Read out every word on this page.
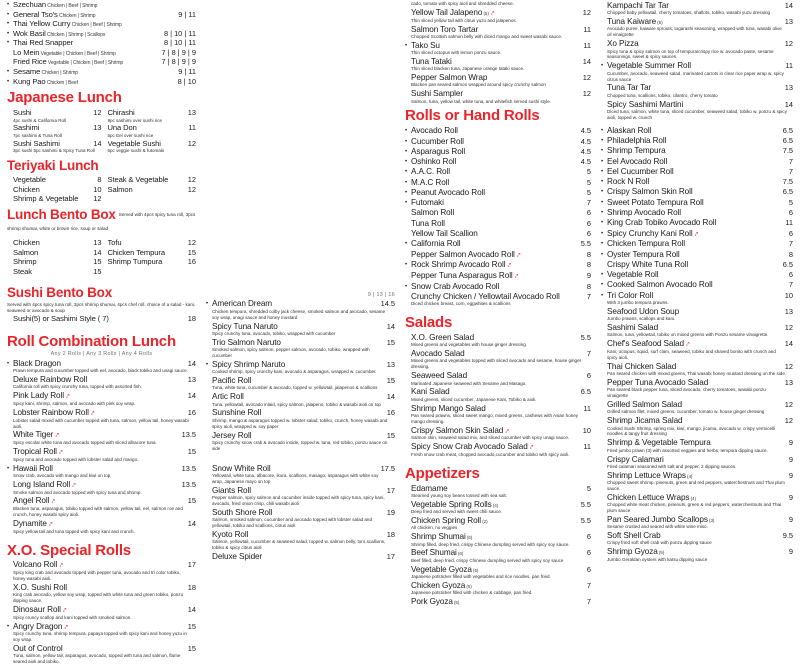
• Szechuan Chicken | Beef | Shrimp
• General Tso's Chicken | Shrimp	9 | 11
• Thai Yellow Curry Chicken | Beef | Shrimp
• Wok Basil Chicken | Shrimp | Scallops	8 | 10 | 11
• Thai Red Snapper	8 | 10 | 11
Lo Mein Vegetable | Chicken | Beef | Shrimp	7 | 8 | 9 | 9
Fried Rice Vegetable | Chicken | Beef | Shrimp	7 | 8 | 9 | 9
• Sesame Chicken | Shrimp	9 | 11
• Kung Pao Chicken | Beef	8 | 10
Japanese Lunch
Sushi	12
4pc sushi & California Roll
Sashimi	13
7pc sashimi & Tuna Roll
Sushi Sashimi	14
3pc sushi 5pc sashimi & Spicy Tuna Roll
Chirashi	13
9pc sashimi over sushi rice
Una Don	11
5pc Eel over sushi rice
Vegetable Sushi	12
6pc veggie sushi & futomaki
Teriyaki Lunch
Vegetable	8
Chicken	10
Shrimp & Vegetable	12
Steak & Vegetable	12
Salmon	12
Lunch Bento Box Served with 4pcs spicy tuna roll, 3pcs shrimp shumai, white or brown rice, soup or salad
Chicken	13
Salmon	14
Shrimp	15
Steak	15
Tofu	12
Chicken Tempura	15
Shrimp Tumpura	16
Sushi Bento Box
Served with 4pcs spicy tuna roll, 3pcs shrimp shumai, 4pcs chef roll, choice of a salad - kani, seaweed or avocado & soup
Sushi(5) or Sashimi Style ( 7)	18
Roll Combination Lunch
Any 2 Rolls | Any 3 Rolls | Any 4 Rolls
• Black Dragon	14
Prawn tempura and cucumber topped with eel, avocado, black tobiko and unagi sauce.
Deluxe Rainbow Roll	13
California roll with spicy crunchy tuna, topped with assorted fish.
Pink Lady Roll ⤤	14
Spicy kani, shrimp, salmon, and avocado with pink soy wrap.
Lobster Rainbow Roll ⤤	16
Lobster salad mixed with cucumber topped with tuna, salmon, yellow tail, honey wasabi aioli.
White Tiger ⤤	13.5
Spicy escolar white tuna and avocado topped with sliced albacore tuna.
Tropical Roll ⤤	15
Spicy tuna and avocado topped with lobster salad and mango.
• Hawaii Roll	13.5
Snow crab, avocado with mango and kiwi on top.
Long Island Roll ⤤	13.5
Smoke salmon and avocado topped with spicy tuna and shrimp.
Angel Roll ⤤	15
Blacken tuna, asparagus, tobiko topped with salmon, yellow tail, eel, salmon roe and crunch, honey wasabi spicy aioli.
Dynamite ⤤	14
Spicy yellow tail and tuna topped with spicy kani and crunch.
X.O. Special Rolls
Volcano Roll ⤤	17
Spicy king crab and avocado topped with pepper tuna, avocado and tri color tobiko, honey wasabi aioli.
X.O. Sushi Roll	18
King crab avocado, yellow soy wrap, topped with white tuna and green tobiko, ponzu dipping sauce.
Dinosaur Roll ⤤	14
Spicy cruncy scallop and kani topped with smoked salmon.
• Angry Dragon ⤤	15
Spicy crunchy tuna, shrimp tempura, papaya topped with spicy kani and honey yuzu in soy wrap.
Out of Control	15
Tuna, salmon, yellow tail, asparagus, avocado, topped with tuna and salmon, flame seared aioli and tobiko.
9 | 13 | 16
• American Dream	14.5
Chicken tempura, shredded colby jack cheese, smoked salmon and avocado, sesame soy wrap, unagi sauce and honey mustard
Spicy Tuna Naruto	14
Spicy crunchy tuna, avocado, tobiko, wrapped with cucumber
Trio Salmon Naruto	15
Smoked salmon, spicy salmon, pepper salmon, avocado, tobiko, wrapped with cucumber
• Spicy Shrimp Naruto	13
Cooked shrimp, spicy crunchy kani, avocado & asparagus, wrapped w. cucumber.
Pacific Roll	15
Tuna, white tuna, cucumber & avocado, topped w. yellowtail, jalapenos & scallions
Artic Roll	14
Tuna, yellowtail, avocado inlaid, spicy salmon, jalapeno, tobiko & wasabi aioli on top
Sunshine Roll	16
Shrimp, mango & asparagus topped w. lobster salad, tobiko, crunch, honey wasabi and spicy aioli, wrapped w. soy paper
Jersey Roll	15
Spicy crunchy snow crab & avocado inside, topped w. tuna, red tobiko, ponzu sauce on side
Snow White Roll	17.5
Yellowtail, white tuna, albacore, ikura, scallions, masago, asparagus with white soy wrap, Japanese mayo on top
Giants Roll	17
Pepper salmon, spicy salmon and cucumber inside topped with spicy tuna, spicy kani, avocado, fried onion crisp, chili wasabi aioli
South Shore Roll	19
Salmon, smoked salmon, cucumber and avocado topped with lobster salad and yellowtail, tobiko and scallions, citrus aioli
Kyoto Roll	18
Salmon, yellowtail, cucumber & seaweed salad, topped w. salmon belly, toro,scallions, tobiko & spicy citrus aioli
Deluxe Spider	17
cado, tomato with spicy aioli and shredded cheese.
Yellow Tail Jalapeno (5) ⤤	12
Thin sliced yellow tail with citrus yuzu and jalapenos.
Salmon Toro Tartar	11
Chopped Scottish salmon belly with diced mango and sweet wasabi sauce.
• Tako Su	11
Thin sliced octopus with lemon ponzu sauce.
Tuna Tataki	14
Thin sliced blacken tuna, Japanese orange tataki sauce.
Pepper Salmon Wrap	12
Blacken pan seared salmon wrapped around spicy crunchy salmon
Sushi Sampler	12
Salmon, tuna, yellow tail, white tuna, and whitefish served sushi style.
Rolls or Hand Rolls
• Avocado Roll	4.5
• Cucumber Roll	4.5
• Asparagus Roll	4.5
• Oshinko Roll	4.5
• A.A.C. Roll	5
• M.A.C Roll	5
• Peanut Avocado Roll	5
• Futomaki	7
Salmon Roll	6
Tuna Roll	6
Yellow Tail Scallion	6
• California Roll	5.5
Pepper Salmon Avocado Roll ⤤	8
• Rock Shrimp Avocado Roll ⤤	8
Pepper Tuna Asparagus Roll ⤤	9
• Snow Crab Avocado Roll	8
Crunchy Chicken / Yellowtail Avocado Roll	7
Diced chicken breast, corn, eggwhites & scallions
Salads
X.O. Green Salad	5.5
Mixed greens and vegetables with house ginger dressing.
Avocado Salad	7
Mixed greens and vegetables topped with sliced avocado and sesame, house ginger dressing.
Seaweed Salad	6
Marinated Japanese seaweed with Sesame and Masago.
Kani Salad	6.5
Mixed greens, sliced cucumber, Japanese Kani, Tobiko & aioli.
Shrimp Mango Salad	11
Pan seared prawns, sliced sweet mango, mixed greens, cashews with Asian honey mango dressing.
Crispy Salmon Skin Salad ⤤	10
Salmon skin, seaweed salad mix, and sliced cucumber with spicy unagi sauce.
Spicy Snow Crab Avocado Salad ⤤	11
Fresh snow crab meat, chopped avocado,cucumber and tobiko with spicy aioli.
Appetizers
Edamame	5
Steamed young soy beans tossed with sea salt.
Vegetable Spring Rolls (4)	5.5
Deep fried and served with sweet chili sauce.
Chicken Spring Roll (2)	5.5
All chicken, no veggies
Shrimp Shumai (6)	6
Shrimp filled, deep fried, crispy Chinese dumpling served with spicy soy sauce.
Beef Shumai (6)	6
Beef filled, deep fried, crispy Chinese dumpling served with spicy soy sauce
Vegetable Gyoza (5)	6
Japanese potsticker filled with vegetables and rice noodles, pan fried.
Chicken Gyoza (5)	7
Japanese potsticker filled with chicken & cabbage, pan fried.
Pork Gyoza (5)	7
Kampachi Tar Tar	14
Chopped baby yellowtail, cherry tomatoes, shallots, tobiko, wasabi yuzu dressing
Tuna Kaiware (5)	13
Avocado puree, kaiware sprouts, togarashi seasoning, wrapped with tuna, wasabi olive oil vinaigrette
Xo Pizza	12
Spicy tuna & spicy salmon on top of tempura/crispy rice w. avocado paste, sesame seasonings, sweet & spicy sauces
• Vegetable Summer Roll	11
Cucumber, avocado, seaweed salad, marinated carrots in clear rice paper wrap w. spicy citrus sauce
Tuna Tar Tar	13
Chopped tuna, scallions, tobiko, cilantro, cherry tomato
Spicy Sashimi Martini	14
Diced tuna, salmon, white tuna, sliced cucumber, seaweed salad, tobiko w. ponzu & spicy aioli, topped w. crunch
• Alaskan Roll	6.5
• Philadelphia Roll	6.5
• Shrimp Tempura	7.5
• Eel Avocado Roll	7
• Eel Cucumber Roll	7
• Rock N Roll	7.5
• Crispy Salmon Skin Roll	6.5
• Sweet Potato Tempura Roll	5
• Shrimp Avocado Roll	6
• King Crab Tobiko Avocado Roll	11
• Spicy Crunchy Kani Roll ⤤	6
• Chicken Tempura Roll	7
• Oyster Tempura Roll	8
Crispy White Tuna Roll	6.5
• Vegetable Roll	6
• Cooked Salmon Avocado Roll	7
• Tri Color Roll	10
With 3 jumbo tempura prawns.
Seafood Udon Soup	13
Jumbo prawns, scallops and kani.
Sashimi Salad	12
Salmon, tuna, yellowtail, tobiko on mixed greens with Ponzu sesame vinaigrette.
Chef's Seafood Salad ⤤	14
Kani, octopus, squid, surf clam, seaweed, tobiko and shaved bonito with crunch and spicy aioli.
Thai Chicken Salad	12
Pan seared chicken with mixed greens, Thai wasabi honey mustard dressing on the side.
Pepper Tuna Avocado Salad	13
Pan seared black pepper tuna, sliced avocado, cherry tomatoes, wasabi ponzu vinaigrette
Grilled Salmon Salad	12
Grilled salmon filet, mixed greens, cucumber, tomato w. house ginger dressing
Shrimp Jicama Salad	12
Cooked Sushi Shrimp, spring mix, kiwi, mango, jicama, avocado w. crispy vermicelli noodles & tangy fruit dressing
Shrimp & Vegetable Tempura	9
Fried jumbo prawn (3) with assorted veggies and herbs, tempura dipping sauce.
Crispy Calamari	9
Fried calamari seasoned with salt and pepper, 2 dipping sauces.
Shrimp Lettuce Wraps (4)	9
Chopped sweet shrimp, pinenuts, green and red peppers, waterchestnuts and Thai plum sauce.
Chicken Lettuce Wraps (4)	9
Chopped white meat chicken, pinenuts, green & red peppers, waterchestnuts and Thai plum sauce
Pan Seared Jumbo Scallops (3)	9
Sesame crusted and seared with white wine miso.
Soft Shell Crab	9.5
Crispy fried soft shell crab with ponzu dipping sauce
Shrimp Gyoza (5)	9
Jumbo Geraldan oysters with katsu dipping sauce
